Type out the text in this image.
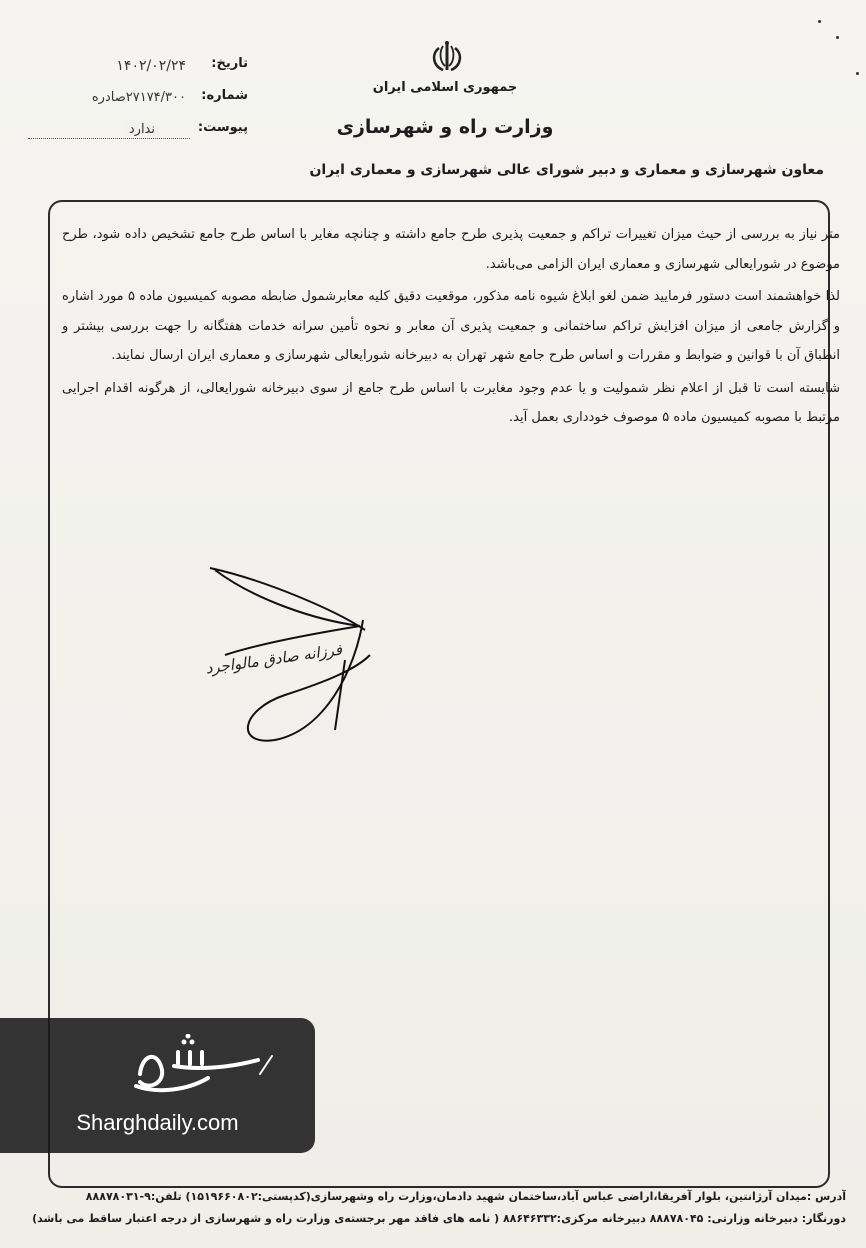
جمهوری اسلامی ایران
وزارت راه و شهرسازی
تاریخ:
۱۴۰۲/۰۲/۲۴
شماره:
۲۷۱۷۴/۳۰۰صادره
پیوست:
ندارد
معاون شهرسازی و معماری و دبیر شورای عالی شهرسازی و معماری ایران

متر نیاز به بررسی از حیث میزان تغییرات تراکم و جمعیت پذیری طرح جامع داشته و چنانچه مغایر با اساس طرح جامع تشخیص داده شود، طرح موضوع در شورایعالی شهرسازی و معماری ایران الزامی می‌باشد.

لذا خواهشمند است دستور فرمایید ضمن لغو ابلاغ شیوه نامه مذکور، موقعیت دقیق کلیه معابرشمول ضابطه مصوبه کمیسیون ماده ۵ مورد اشاره و گزارش جامعی از میزان افزایش تراکم ساختمانی و جمعیت پذیری آن معابر و نحوه تأمین سرانه خدمات هفتگانه را جهت بررسی بیشتر و انطباق آن با قوانین و ضوابط و مقررات و اساس طرح جامع شهر تهران به دبیرخانه شورایعالی شهرسازی و معماری ایران ارسال نمایند.

شایسته است تا قبل از اعلام نظر شمولیت و یا عدم وجود مغایرت با اساس طرح جامع از سوی دبیرخانه شورایعالی، از هرگونه اقدام اجرایی مرتبط با مصوبه کمیسیون ماده ۵ موصوف خودداری بعمل آید.

فرزانه صادق مالواجرد
Sharghdaily.com
آدرس :میدان آرژانتین، بلوار آفریقا،اراضی عباس آباد،ساختمان شهید دادمان،وزارت راه وشهرسازی(کدپستی:۱۵۱۹۶۶۰۸۰۲) تلفن:۹-۸۸۸۷۸۰۳۱
دورنگار: دبیرخانه وزارتی: ۸۸۸۷۸۰۴۵ دبیرخانه مرکزی:۸۸۶۴۶۳۳۲ ( نامه های فاقد مهر برجسته‌ی وزارت راه و شهرسازی از درجه اعتبار ساقط می باشد)
